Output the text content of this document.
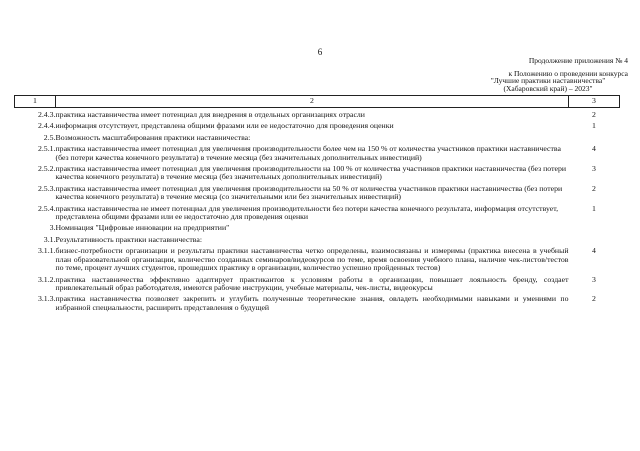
6
Продолжение приложения № 4
к Положению о проведении конкурса
"Лучшие практики наставничества"
(Хабаровский край) – 2023"
1	2	3
2.4.3.	практика наставничества имеет потенциал для внедрения в отдельных организациях отрасли	2
2.4.4.	информация отсутствует, представлена общими фразами или ее недостаточно для проведения оценки	1
2.5.	Возможность масштабирования практики наставничества:	
2.5.1.	практика наставничества имеет потенциал для увеличения производительности более чем на 150 % от количества участников практики наставничества (без потери качества конечного результата) в течение месяца (без значительных дополнительных инвестиций)	4
2.5.2.	практика наставничества имеет потенциал для увеличения производительности на 100 % от количества участников практики наставничества (без потери качества конечного результата) в течение месяца (без значительных дополнительных инвестиций)	3
2.5.3.	практика наставничества имеет потенциал для увеличения производительности на 50 % от количества участников практики наставничества (без потери качества конечного результата) в течение месяца (со значительными или без значительных инвестиций)	2
2.5.4.	практика наставничества не имеет потенциал для увеличения производительности без потери качества конечного результата, информация отсутствует, представлена общими фразами или ее недостаточно для проведения оценки	1
3.	Номинация "Цифровые инновации на предприятии"	
3.1.	Результативность практики наставничества:	
3.1.1.	бизнес-потребности организации и результаты практики наставничества четко определены, взаимосвязаны и измеримы (практика внесена в учебный план образовательной организации, количество созданных семинаров/видеокурсов по теме, время освоения учебного плана, наличие чек-листов/тестов по теме, процент лучших студентов, прошедших практику в организации, количество успешно пройденных тестов)	4
3.1.2.	практика наставничества эффективно адаптирует практикантов к условиям работы в организации, повышает лояльность бренду, создает привлекательный образ работодателя, имеются рабочие инструкции, учебные материалы, чек-листы, видеокурсы	3
3.1.3.	практика наставничества позволяет закрепить и углубить полученные теоретические знания, овладеть необходимыми навыками и умениями по избранной специальности, расширить представления о будущей	2
